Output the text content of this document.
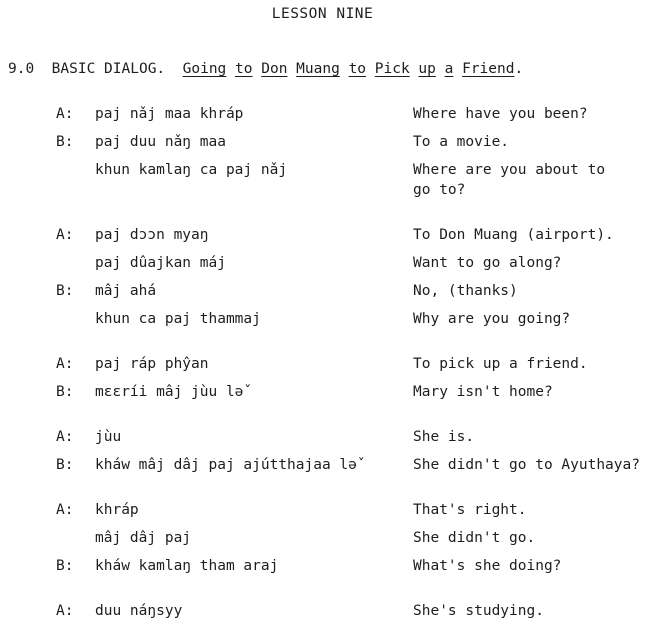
LESSON NINE
9.0 BASIC DIALOG. Going to Don Muang to Pick up a Friend.
A:	paj nǎj maa khráp	Where have you been?
B:	paj duu nǎŋ maa	To a movie.
khun kamlaŋ ca paj nǎj	Where are you about to
go to?
A:	paj dɔɔn myaŋ	To Don Muang (airport).
paj dûajkan máj	Want to go along?
B:	mâj ahá	No, (thanks)
khun ca paj thammaj	Why are you going?
A:	paj ráp phŷan	To pick up a friend.
B:	mɛɛríi mâj jùu lǝ̌	Mary isn't home?
A:	jùu	She is.
B:	kháw mâj dâj paj ajútthajaa lǝ̌	She didn't go to Ayuthaya?
A:	khráp	That's right.
mâj dâj paj	She didn't go.
B:	kháw kamlaŋ tham araj	What's she doing?
A:	duu náŋsyy	She's studying.
